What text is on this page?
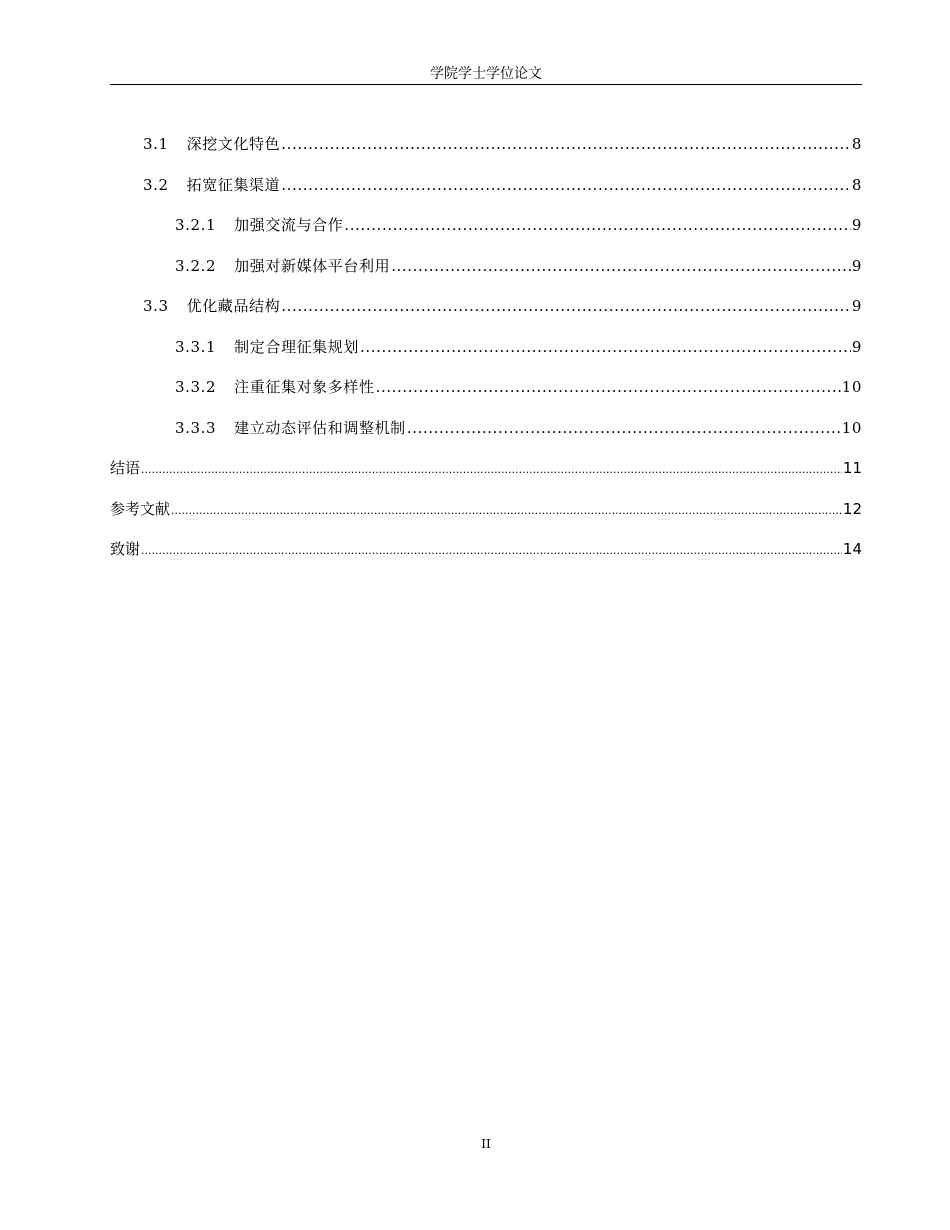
学院学士学位论文
3.1 深挖文化特色 .....	8
3.2 拓宽征集渠道 .....	8
3.2.1 加强交流与合作 .....	9
3.2.2 加强对新媒体平台利用 .....	9
3.3 优化藏品结构 .....	9
3.3.1 制定合理征集规划 .....	9
3.3.2 注重征集对象多样性 .....	10
3.3.3 建立动态评估和调整机制 .....	10
结语 .....	11
参考文献 .....	12
致谢 .....	14
II
